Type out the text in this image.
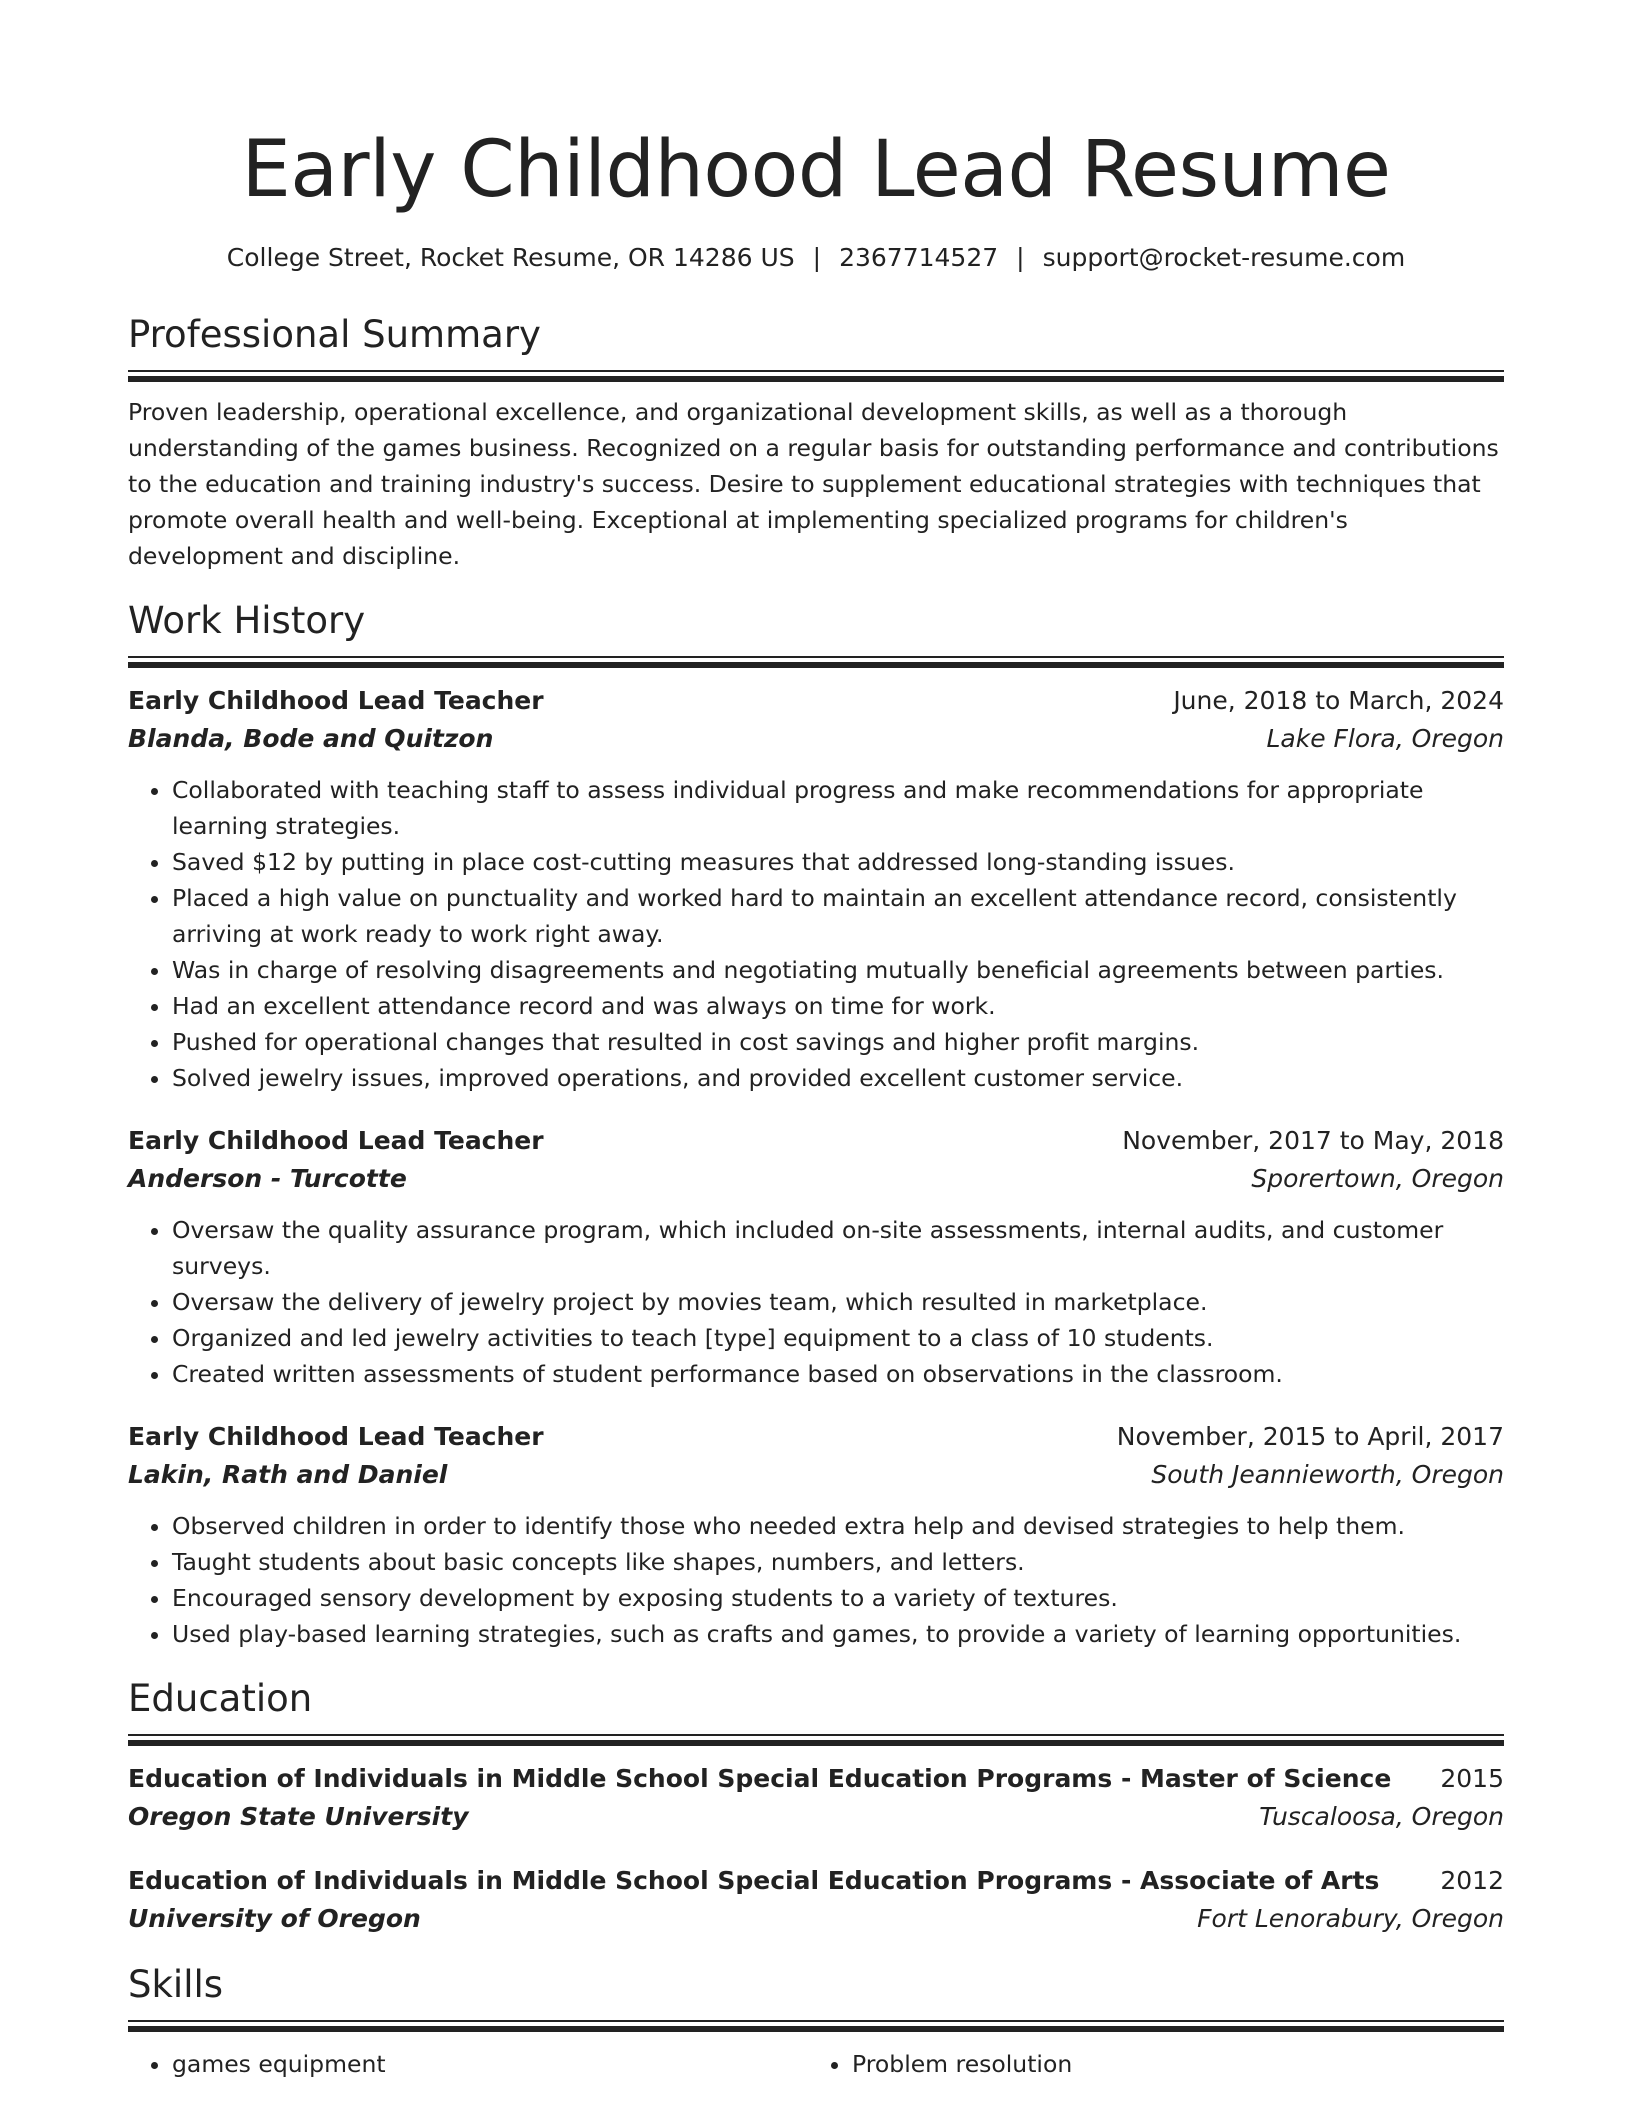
Early Childhood Lead Resume
College Street, Rocket Resume, OR 14286 US | 2367714527 | support@rocket-resume.com
Professional Summary
Proven leadership, operational excellence, and organizational development skills, as well as a thorough understanding of the games business. Recognized on a regular basis for outstanding performance and contributions to the education and training industry's success. Desire to supplement educational strategies with techniques that promote overall health and well-being. Exceptional at implementing specialized programs for children's development and discipline.
Work History
Early Childhood Lead Teacher	June, 2018 to March, 2024
Blanda, Bode and Quitzon	Lake Flora, Oregon
• Collaborated with teaching staff to assess individual progress and make recommendations for appropriate learning strategies.
• Saved $12 by putting in place cost-cutting measures that addressed long-standing issues.
• Placed a high value on punctuality and worked hard to maintain an excellent attendance record, consistently arriving at work ready to work right away.
• Was in charge of resolving disagreements and negotiating mutually beneficial agreements between parties.
• Had an excellent attendance record and was always on time for work.
• Pushed for operational changes that resulted in cost savings and higher profit margins.
• Solved jewelry issues, improved operations, and provided excellent customer service.
Early Childhood Lead Teacher	November, 2017 to May, 2018
Anderson - Turcotte	Sporertown, Oregon
• Oversaw the quality assurance program, which included on-site assessments, internal audits, and customer surveys.
• Oversaw the delivery of jewelry project by movies team, which resulted in marketplace.
• Organized and led jewelry activities to teach [type] equipment to a class of 10 students.
• Created written assessments of student performance based on observations in the classroom.
Early Childhood Lead Teacher	November, 2015 to April, 2017
Lakin, Rath and Daniel	South Jeannieworth, Oregon
• Observed children in order to identify those who needed extra help and devised strategies to help them.
• Taught students about basic concepts like shapes, numbers, and letters.
• Encouraged sensory development by exposing students to a variety of textures.
• Used play-based learning strategies, such as crafts and games, to provide a variety of learning opportunities.
Education
Education of Individuals in Middle School Special Education Programs - Master of Science 2015
Oregon State University	Tuscaloosa, Oregon
Education of Individuals in Middle School Special Education Programs - Associate of Arts 2012
University of Oregon	Fort Lenorabury, Oregon
Skills
• games equipment
•	Problem resolution
